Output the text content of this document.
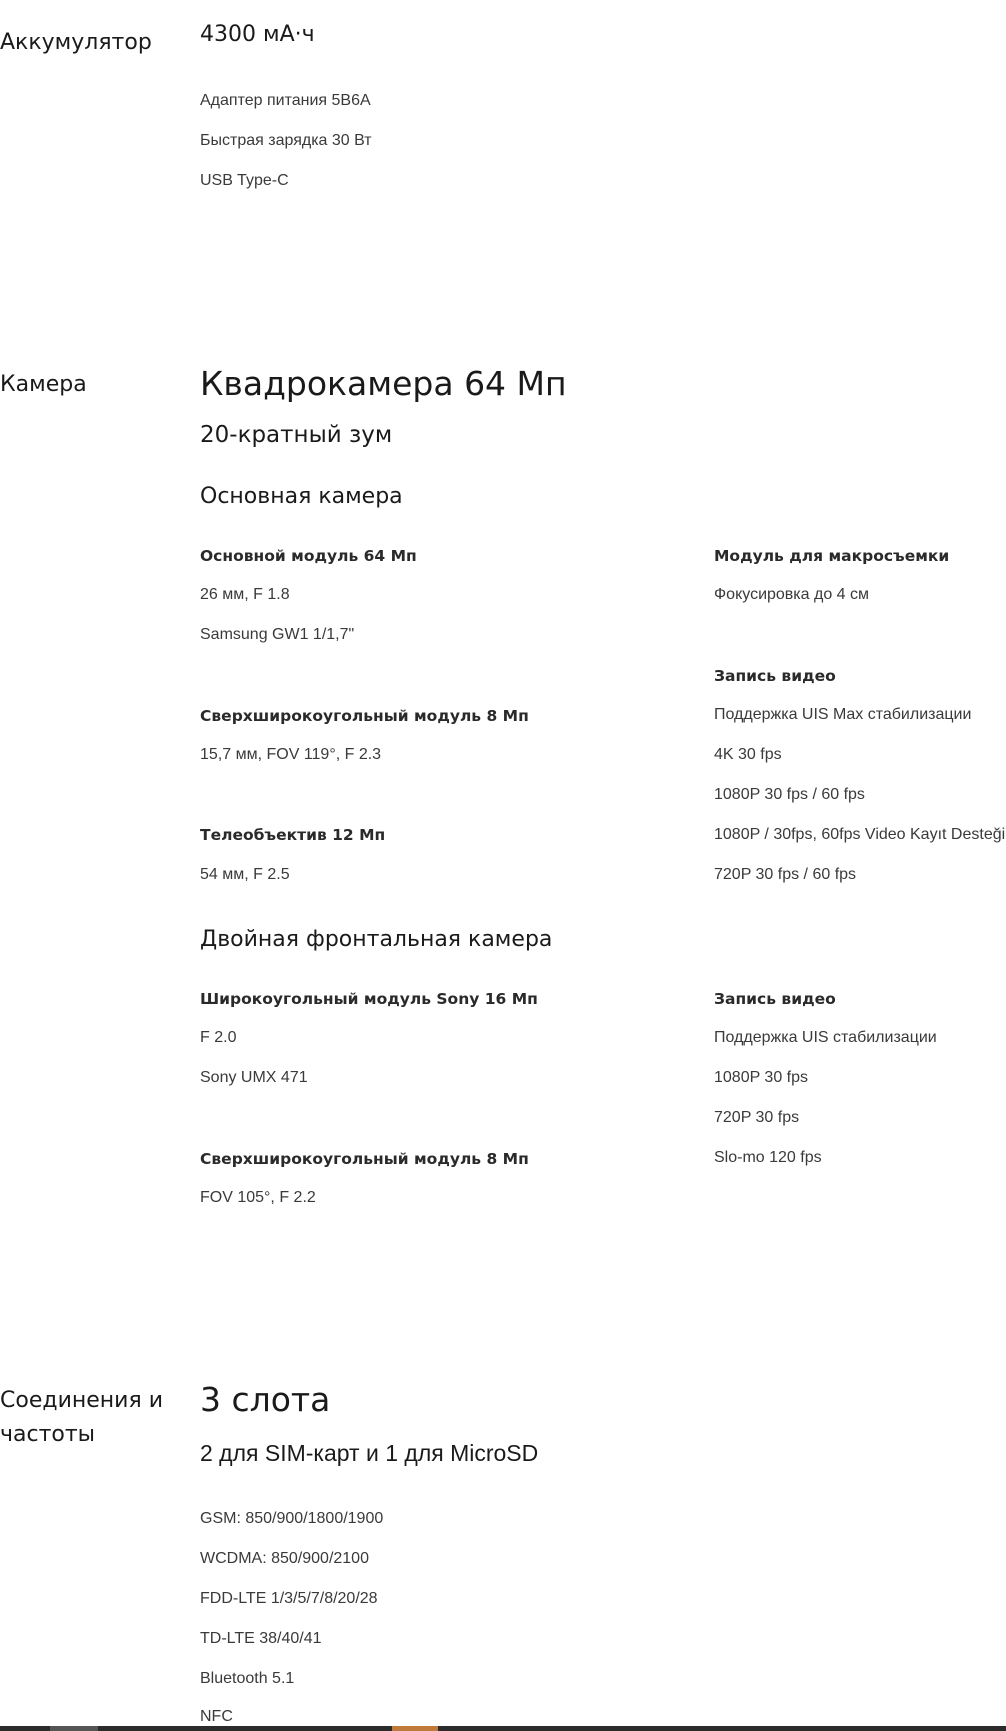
Аккумулятор 4300 мА·ч
Адаптер питания 5В6А
Быстрая зарядка 30 Вт
USB Type-C
Камера	Квадрокамера 64 Мп
20-кратный зум
Основная камера
Основной модуль 64 Мп
26 мм, F 1.8
Samsung GW1 1/1,7"
Сверхширокоугольный модуль 8 Мп
15,7 мм, FOV 119°, F 2.3
Телеобъектив 12 Мп
54 мм, F 2.5
Модуль для макросъемки
Фокусировка до 4 см
Запись видео
Поддержка UIS Max стабилизации
4K 30 fps
1080P 30 fps / 60 fps
1080P / 30fps, 60fps Video Kayıt Desteği
720P 30 fps / 60 fps
Двойная фронтальная камера
Широкоугольный модуль Sony 16 Мп
F 2.0
Sony UMX 471
Сверхширокоугольный модуль 8 Мп
FOV 105°, F 2.2
Запись видео
Поддержка UIS стабилизации
1080P 30 fps
720P 30 fps
Slo-mo 120 fps
Соединения и
частоты
3 слота
2 для SIM-карт и 1 для MicroSD
GSM: 850/900/1800/1900
WCDMA: 850/900/2100
FDD-LTE 1/3/5/7/8/20/28
TD-LTE 38/40/41
Bluetooth 5.1
NFC
